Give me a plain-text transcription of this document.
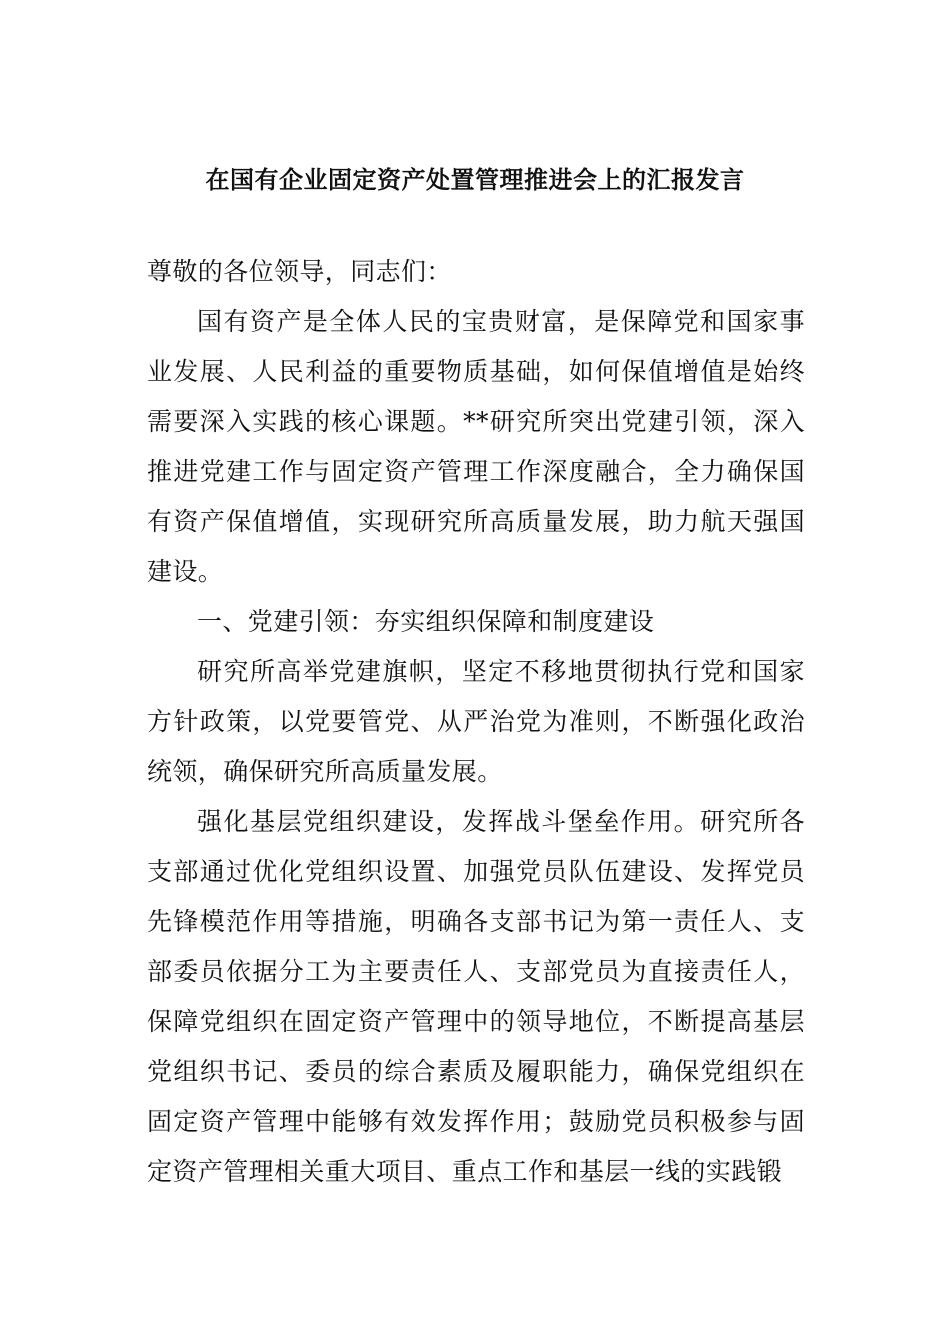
在国有企业固定资产处置管理推进会上的汇报发言

尊敬的各位领导，同志们：

国有资产是全体人民的宝贵财富，是保障党和国家事业发展、人民利益的重要物质基础，如何保值增值是始终需要深入实践的核心课题。**研究所突出党建引领，深入推进党建工作与固定资产管理工作深度融合，全力确保国有资产保值增值，实现研究所高质量发展，助力航天强国建设。

一、党建引领：夯实组织保障和制度建设

研究所高举党建旗帜，坚定不移地贯彻执行党和国家方针政策，以党要管党、从严治党为准则，不断强化政治统领，确保研究所高质量发展。

强化基层党组织建设，发挥战斗堡垒作用。研究所各支部通过优化党组织设置、加强党员队伍建设、发挥党员先锋模范作用等措施，明确各支部书记为第一责任人、支部委员依据分工为主要责任人、支部党员为直接责任人，保障党组织在固定资产管理中的领导地位，不断提高基层党组织书记、委员的综合素质及履职能力，确保党组织在固定资产管理中能够有效发挥作用；鼓励党员积极参与固定资产管理相关重大项目、重点工作和基层一线的实践锻
